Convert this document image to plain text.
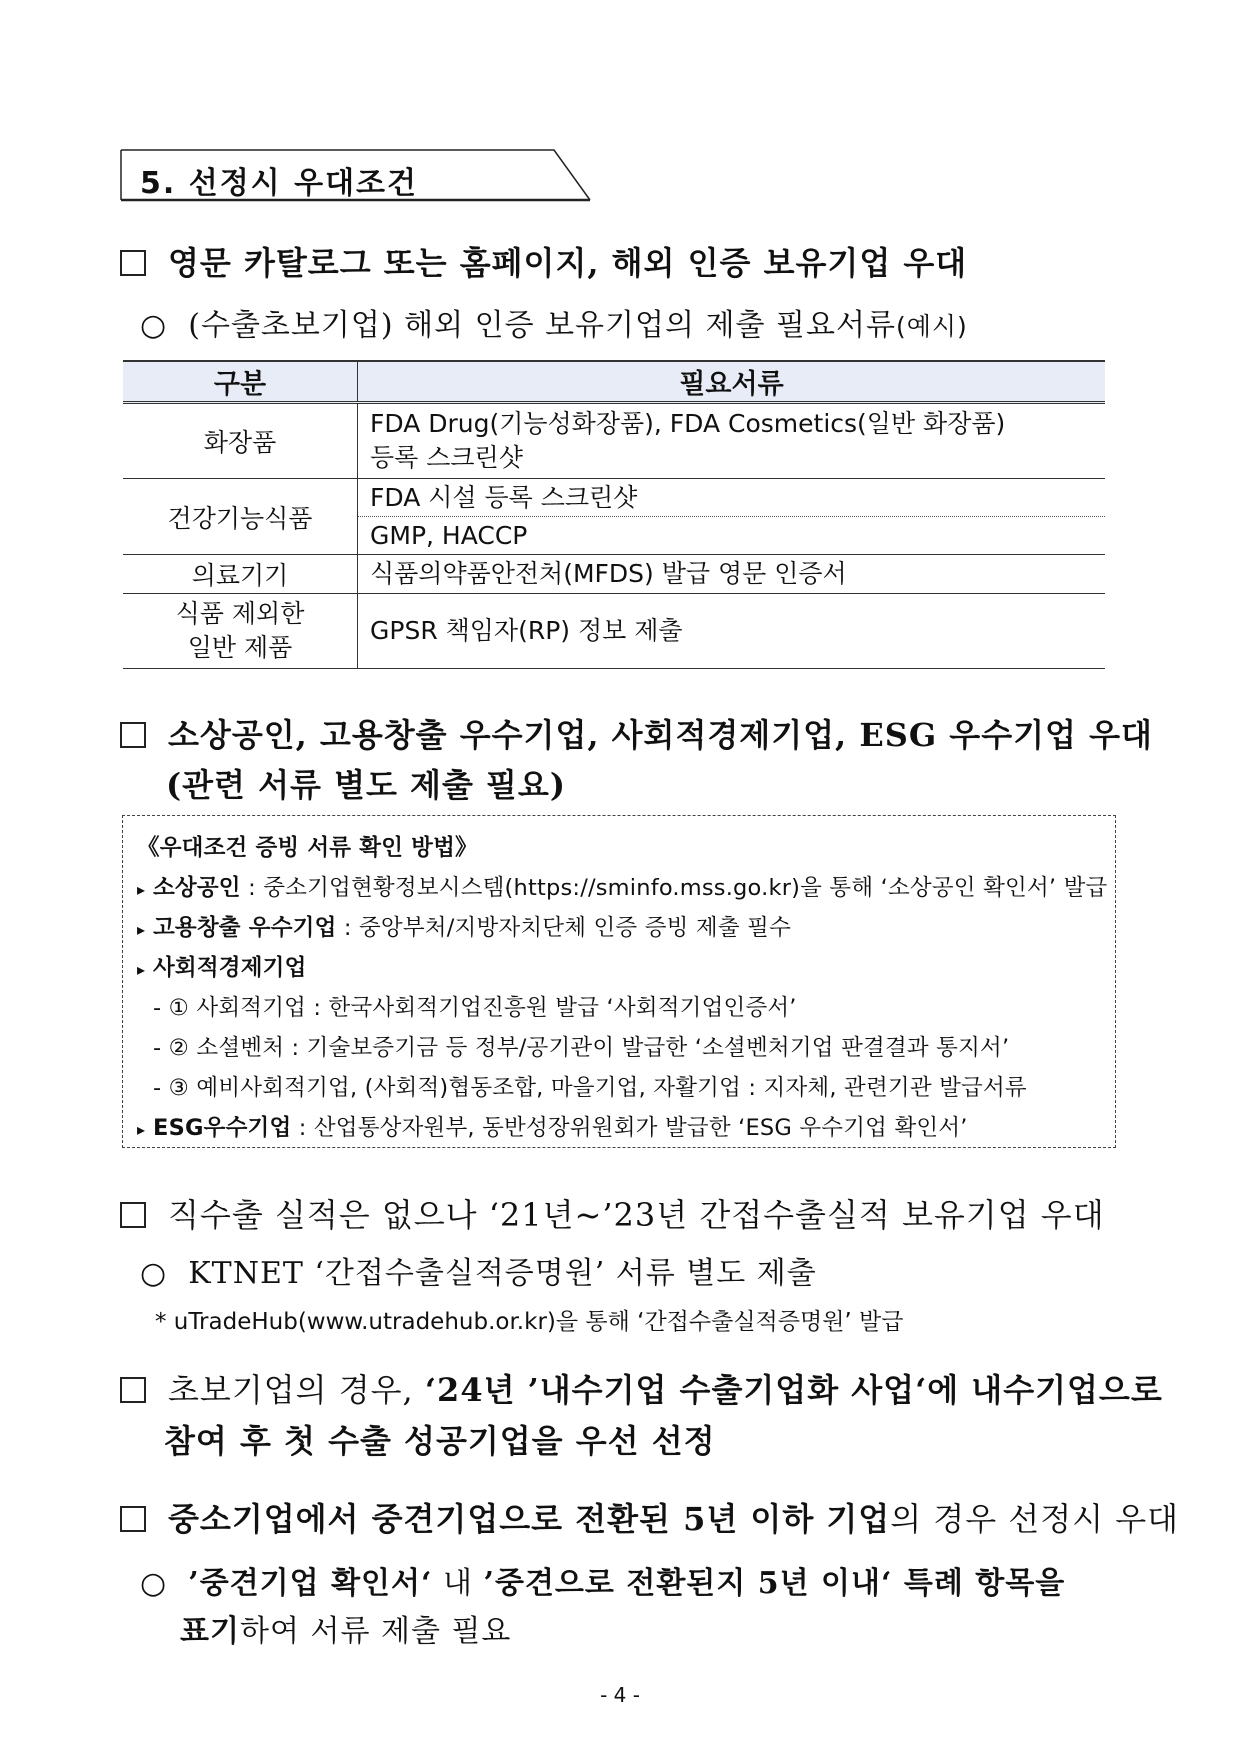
5. 선정시 우대조건
영문 카탈로그 또는 홈페이지, 해외 인증 보유기업 우대
○ (수출초보기업) 해외 인증 보유기업의 제출 필요서류(예시)
구분	필요서류
화장품	FDA Drug(기능성화장품), FDA Cosmetics(일반 화장품)
등록 스크린샷

건강기능식품	FDA 시설 등록 스크린샷
	GMP, HACCP
의료기기	식품의약품안전처(MFDS) 발급 영문 인증서

식품 제외한
일반 제품	GPSR 책임자(RP) 정보 제출
소상공인, 고용창출 우수기업, 사회적경제기업, ESG 우수기업 우대
(관련 서류 별도 제출 필요)
《우대조건 증빙 서류 확인 방법》
▸ 소상공인 : 중소기업현황정보시스템(https://sminfo.mss.go.kr)을 통해 ‘소상공인 확인서’ 발급
▸ 고용창출 우수기업 : 중앙부처/지방자치단체 인증 증빙 제출 필수
▸ 사회적경제기업
- ① 사회적기업 : 한국사회적기업진흥원 발급 ‘사회적기업인증서’
- ② 소셜벤처 : 기술보증기금 등 정부/공기관이 발급한 ‘소셜벤처기업 판결결과 통지서’
- ③ 예비사회적기업, (사회적)협동조합, 마을기업, 자활기업 : 지자체, 관련기관 발급서류
▸ ESG우수기업 : 산업통상자원부, 동반성장위원회가 발급한 ‘ESG 우수기업 확인서’
직수출 실적은 없으나 ‘21년~’23년 간접수출실적 보유기업 우대
○ KTNET ‘간접수출실적증명원’ 서류 별도 제출
* uTradeHub(www.utradehub.or.kr)을 통해 ‘간접수출실적증명원’ 발급
초보기업의 경우, ‘24년 ’내수기업 수출기업화 사업‘에 내수기업으로
참여 후 첫 수출 성공기업을 우선 선정
중소기업에서 중견기업으로 전환된 5년 이하 기업의 경우 선정시 우대
○ ’중견기업 확인서‘ 내 ’중견으로 전환된지 5년 이내‘ 특례 항목을
표기하여 서류 제출 필요
- 4 -
